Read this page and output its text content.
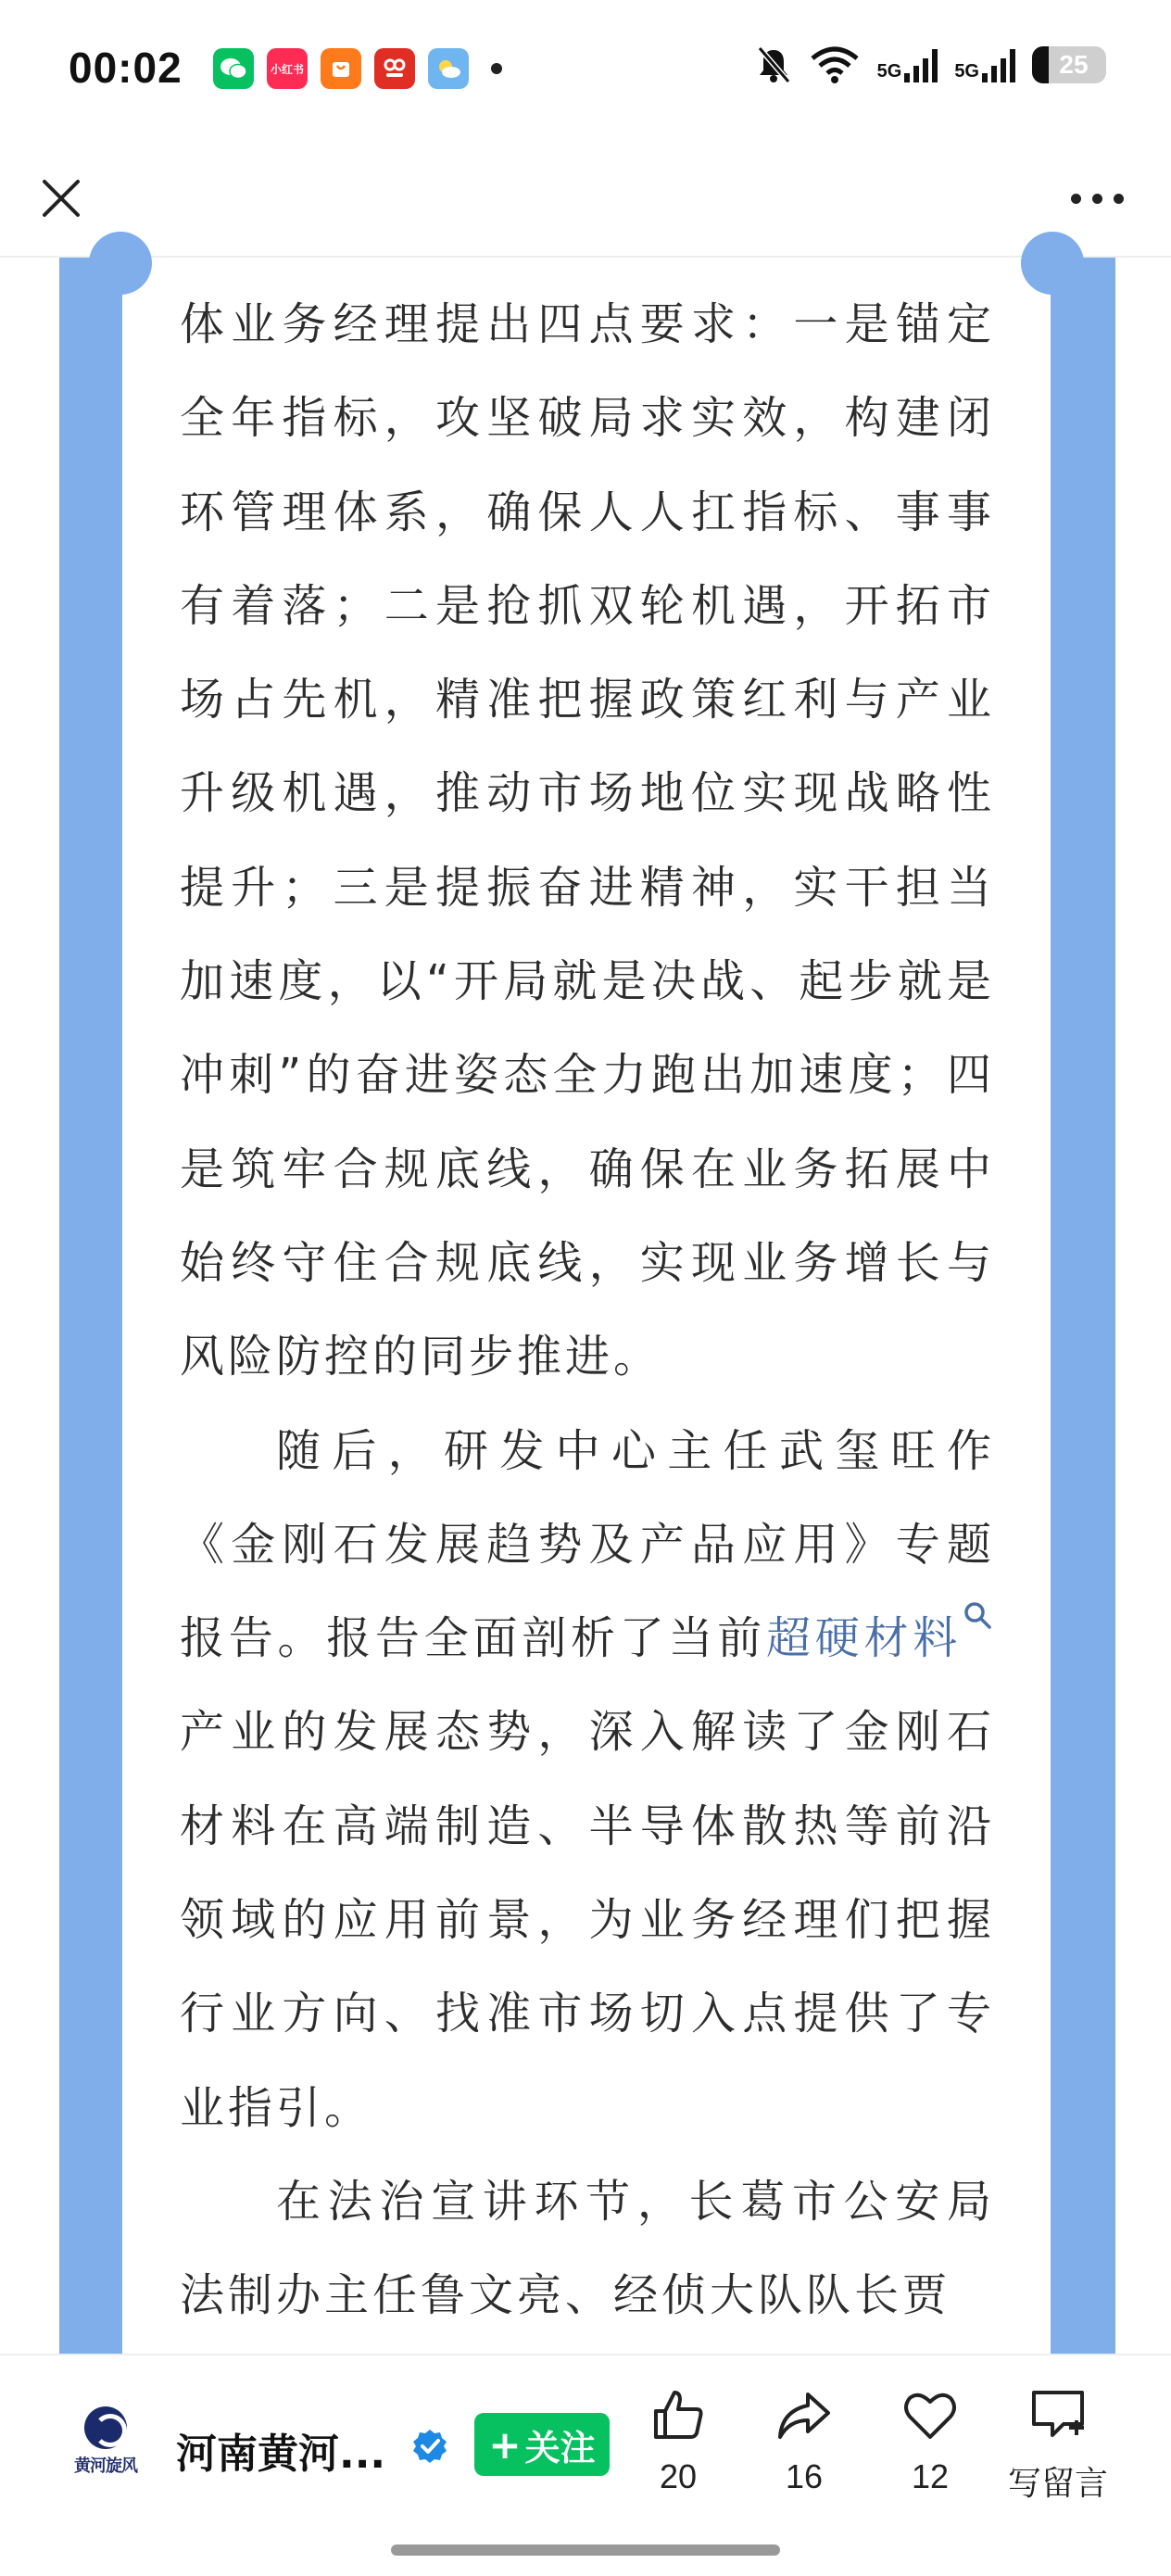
00:02	小红书	5G	5G	25

体业务经理提出四点要求：一是锚定全年指标，攻坚破局求实效，构建闭环管理体系，确保人人扛指标、事事有着落；二是抢抓双轮机遇，开拓市场占先机，精准把握政策红利与产业升级机遇，推动市场地位实现战略性提升；三是提振奋进精神，实干担当加速度，以“开局就是决战、起步就是冲刺”的奋进姿态全力跑出加速度；四是筑牢合规底线，确保在业务拓展中始终守住合规底线，实现业务增长与风险防控的同步推进。

随后，研发中心主任武玺旺作《金刚石发展趋势及产品应用》专题报告。报告全面剖析了当前超硬材料产业的发展态势，深入解读了金刚石材料在高端制造、半导体散热等前沿领域的应用前景，为业务经理们把握行业方向、找准市场切入点提供了专业指引。

在法治宣讲环节，长葛市公安局法制办主任鲁文亮、经侦大队队长贾

黄河旋风 河南黄河...	+ 关注
20	16	12 写留言
